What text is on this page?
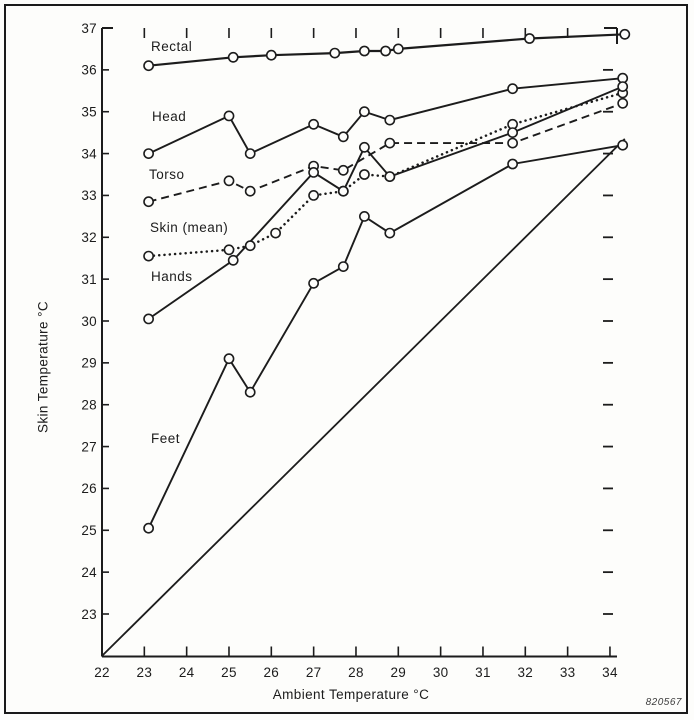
37
36
35
34
33
32
31
30
29
28
27
26
25
24
23
22 23 24 25 26 27 28 29 30 31 32 33 34
Rectal
Head
Torso
Skin (mean)
Hands
Feet
Skin Temperature °C
Ambient Temperature °C
820567
